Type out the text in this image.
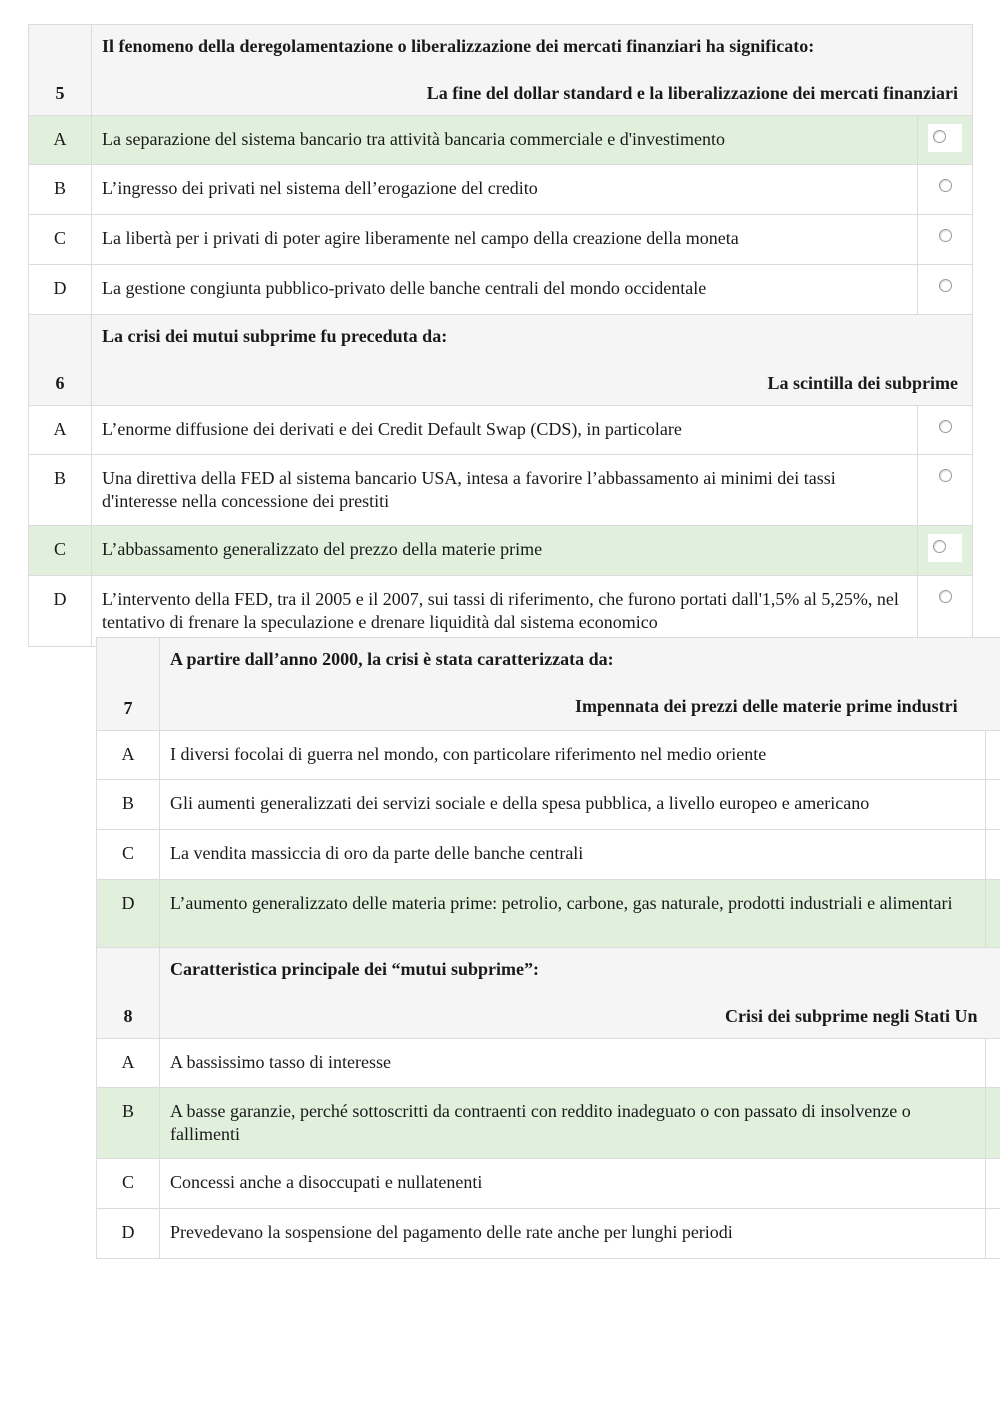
5	Il fenomeno della deregolamentazione o liberalizzazione dei mercati finanziari ha significato:
La fine del dollar standard e la liberalizzazione dei mercati finanziari	

A	La separazione del sistema bancario tra attività bancaria commerciale e d'investimento	

B	L’ingresso dei privati nel sistema dell’erogazione del credito	
C	La libertà per i privati di poter agire liberamente nel campo della creazione della moneta	
D	La gestione congiunta pubblico-privato delle banche centrali del mondo occidentale	
6	La crisi dei mutui subprime fu preceduta da:
La scintilla dei subprime	

A	L’enorme diffusione dei derivati e dei Credit Default Swap (CDS), in particolare	
B	Una direttiva della FED al sistema bancario USA, intesa a favorire l’abbassamento ai minimi dei tassi d'interesse nella concessione dei prestiti	
C	L’abbassamento generalizzato del prezzo della materie prime	

D	L’intervento della FED, tra il 2005 e il 2007, sui tassi di riferimento, che furono portati dall'1,5% al 5,25%, nel tentativo di frenare la speculazione e drenare liquidità dal sistema economico	
7	A partire dall’anno 2000, la crisi è stata caratterizzata da:
Impennata dei prezzi delle materie prime industri	

A	I diversi focolai di guerra nel mondo, con particolare riferimento nel medio oriente	
B	Gli aumenti generalizzati dei servizi sociale e della spesa pubblica, a livello europeo e americano	
C	La vendita massiccia di oro da parte delle banche centrali	
D	L’aumento generalizzato delle materia prime: petrolio, carbone, gas naturale, prodotti industriali e alimentari	
8	Caratteristica principale dei “mutui subprime”:
Crisi dei subprime negli Stati Un	

A	A bassissimo tasso di interesse	
B	A basse garanzie, perché sottoscritti da contraenti con reddito inadeguato o con passato di insolvenze o fallimenti	
C	Concessi anche a disoccupati e nullatenenti	
D	Prevedevano la sospensione del pagamento delle rate anche per lunghi periodi	
